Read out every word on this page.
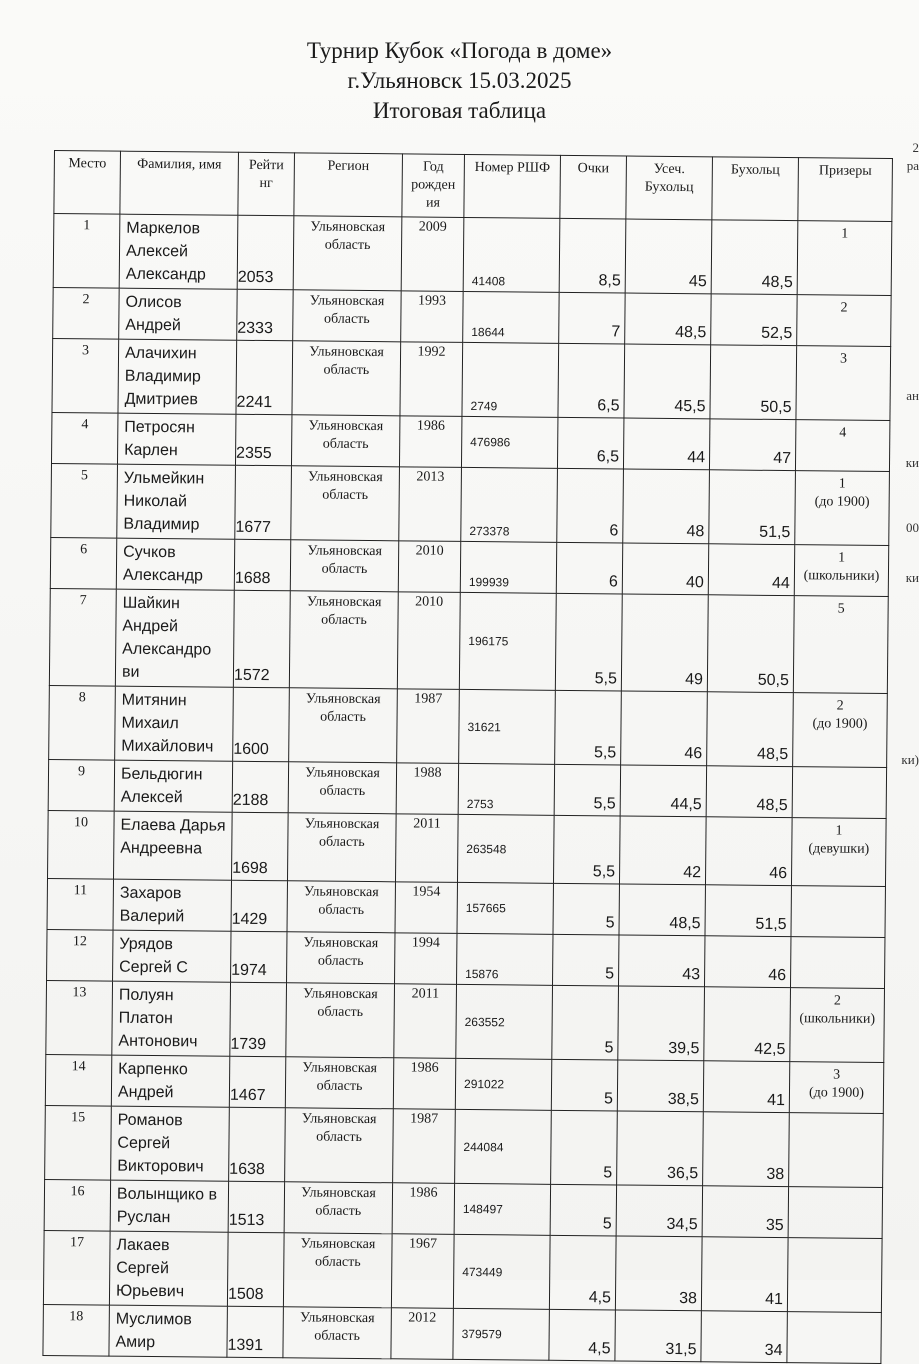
Турнир Кубок «Погода в доме»
г.Ульяновск 15.03.2025
Итоговая таблица
Место	Фамилия, имя	Рейти нг	Регион	Год рожден ия	Номер РШФ	Очки	Усеч. Бухольц	Бухольц	Призеры
1	Маркелов Алексей Александр	2053	Ульяновская область	2009	41408	8,5	45	48,5	1

2	Олисов Андрей	2333	Ульяновская область	1993	18644	7	48,5	52,5	2

3	Алачихин Владимир Дмитриев	2241	Ульяновская область	1992	2749	6,5	45,5	50,5	3

4	Петросян Карлен	2355	Ульяновская область	1986	476986	6,5	44	47	4

5	Ульмейкин Николай Владимир	1677	Ульяновская область	2013	273378	6	48	51,5	1
(до 1900)

6	Сучков Александр	1688	Ульяновская область	2010	199939	6	40	44	1
(школьники)

7	Шайкин Андрей Александро ви	1572	Ульяновская область	2010	196175	5,5	49	50,5	5

8	Митянин Михаил Михайлович	1600	Ульяновская область	1987	31621	5,5	46	48,5	2
(до 1900)

9	Бельдюгин Алексей	2188	Ульяновская область	1988	2753	5,5	44,5	48,5	

10	Елаева Дарья Андреевна	1698	Ульяновская область	2011	263548	5,5	42	46	1
(девушки)

11	Захаров Валерий	1429	Ульяновская область	1954	157665	5	48,5	51,5	

12	Урядов Сергей С	1974	Ульяновская область	1994	15876	5	43	46	

13	Полуян Платон Антонович	1739	Ульяновская область	2011	263552	5	39,5	42,5	2
(школьники)

14	Карпенко Андрей	1467	Ульяновская область	1986	291022	5	38,5	41	3
(до 1900)

15	Романов Сергей Викторович	1638	Ульяновская область	1987	244084	5	36,5	38	

16	Волынщико в Руслан	1513	Ульяновская область	1986	148497	5	34,5	35	

17	Лакаев Сергей Юрьевич	1508	Ульяновская область	1967	473449	4,5	38	41	

18	Муслимов Амир	1391	Ульяновская область	2012	379579	4,5	31,5	34	
2
ра
ан
ки
00
ки
ки)
